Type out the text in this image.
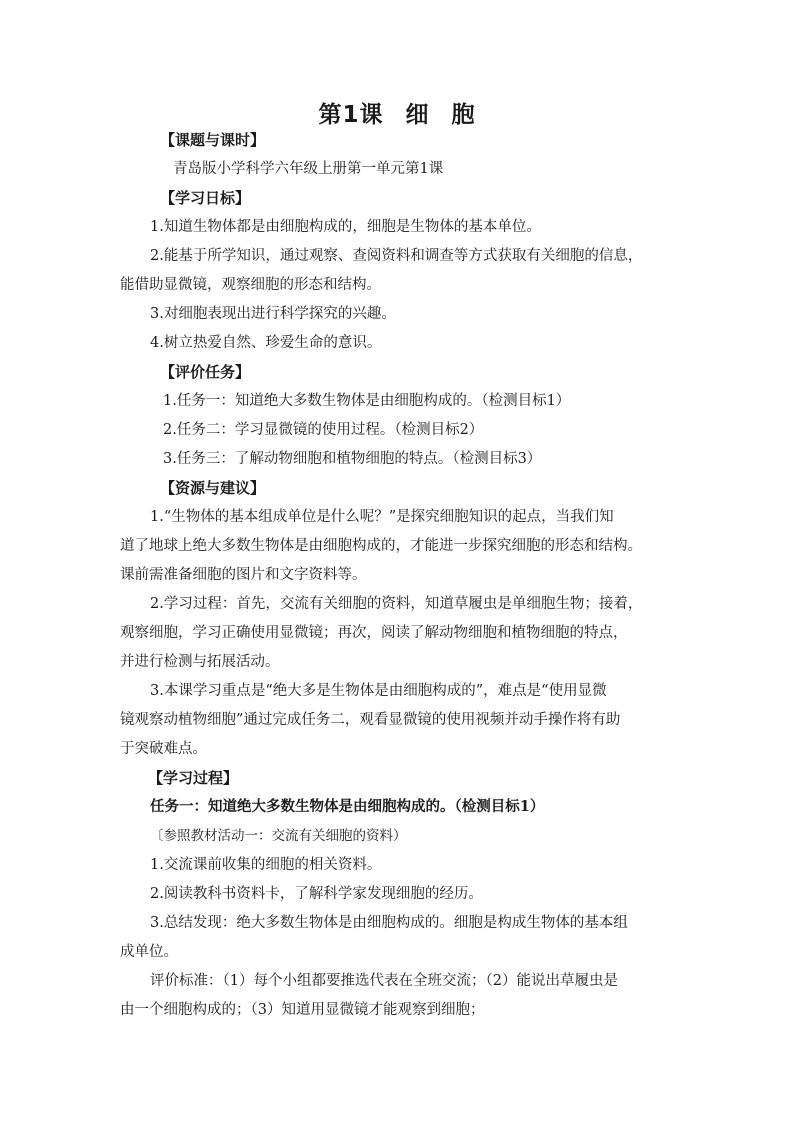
第1课 细 胞
【课题与课时】
青岛版小学科学六年级上册第一单元第1课
【学习日标】
1.知道生物体都是由细胞构成的，细胞是生物体的基本单位。
2.能基于所学知识，通过观察、查阅资料和调查等方式获取有关细胞的信息，
能借助显微镜，观察细胞的形态和结构。
3.对细胞表现出进行科学探究的兴趣。
4.树立热爱自然、珍爱生命的意识。
【评价任务】
1.任务一：知道绝大多数生物体是由细胞构成的。（检测目标1）
2.任务二：学习显微镜的使用过程。（检测目标2）
3.任务三：了解动物细胞和植物细胞的特点。（检测目标3）
【资源与建议】
1.“生物体的基本组成单位是什么呢？”是探究细胞知识的起点，当我们知
道了地球上绝大多数生物体是由细胞构成的，才能进一步探究细胞的形态和结构。
课前需准备细胞的图片和文字资料等。
2.学习过程：首先，交流有关细胞的资料，知道草履虫是单细胞生物；接着，
观察细胞，学习正确使用显微镜；再次，阅读了解动物细胞和植物细胞的特点，
并进行检测与拓展活动。
3.本课学习重点是“绝大多是生物体是由细胞构成的”，难点是“使用显微
镜观察动植物细胞”通过完成任务二，观看显微镜的使用视频并动手操作将有助
于突破难点。
【学习过程】
任务一：知道绝大多数生物体是由细胞构成的。（检测目标1）
〔参照教材活动一：交流有关细胞的资料）
1.交流课前收集的细胞的相关资料。
2.阅读教科书资料卡，了解科学家发现细胞的经历。
3.总结发现：绝大多数生物体是由细胞构成的。细胞是构成生物体的基本组
成单位。
评价标准：（1）每个小组都要推选代表在全班交流；（2）能说出草履虫是
由一个细胞构成的；（3）知道用显微镜才能观察到细胞；
